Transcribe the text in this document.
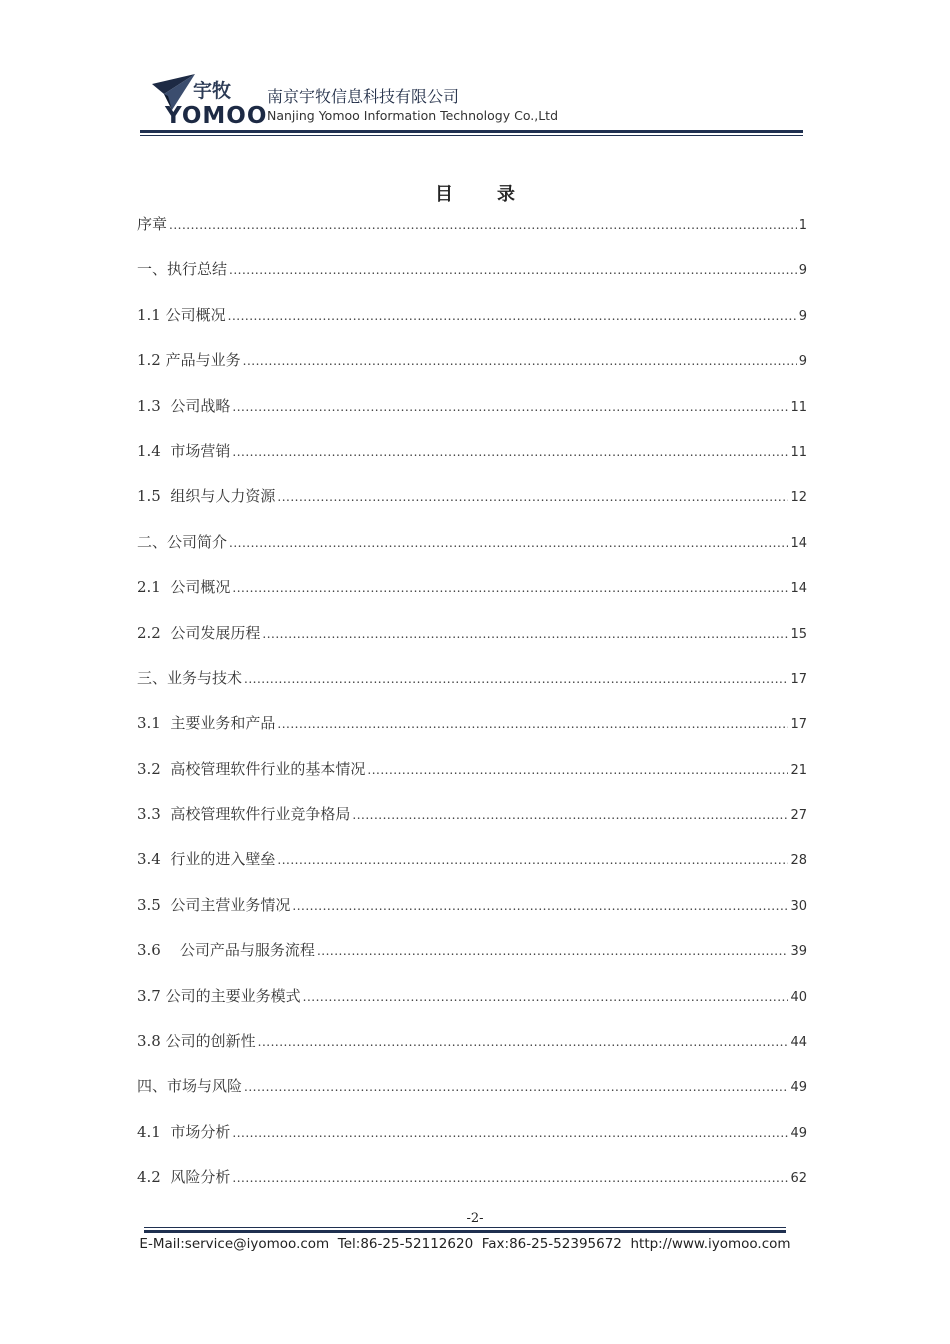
宇牧
YOMOO
南京宇牧信息科技有限公司
Nanjing Yomoo Information Technology Co.,Ltd
目录
序章 .....	1
一、执行总结 .....	9
1.1 公司概况 .....	9
1.2 产品与业务 .....	9
1.3  公司战略 .....	11
1.4  市场营销 .....	11
1.5  组织与人力资源 .....	12
二、公司简介 .....	14
2.1  公司概况 .....	14
2.2  公司发展历程 .....	15
三、业务与技术 .....	17
3.1  主要业务和产品 .....	17
3.2  高校管理软件行业的基本情况 .....	21
3.3  高校管理软件行业竞争格局 .....	27
3.4  行业的进入壁垒 .....	28
3.5  公司主营业务情况 .....	30
3.6    公司产品与服务流程 .....	39
3.7 公司的主要业务模式 .....	40
3.8 公司的创新性 .....	44
四、市场与风险 .....	49
4.1  市场分析 .....	49
4.2  风险分析 .....	62
-2-
E-Mail:service@iyomoo.com  Tel:86-25-52112620  Fax:86-25-52395672  http://www.iyomoo.com
